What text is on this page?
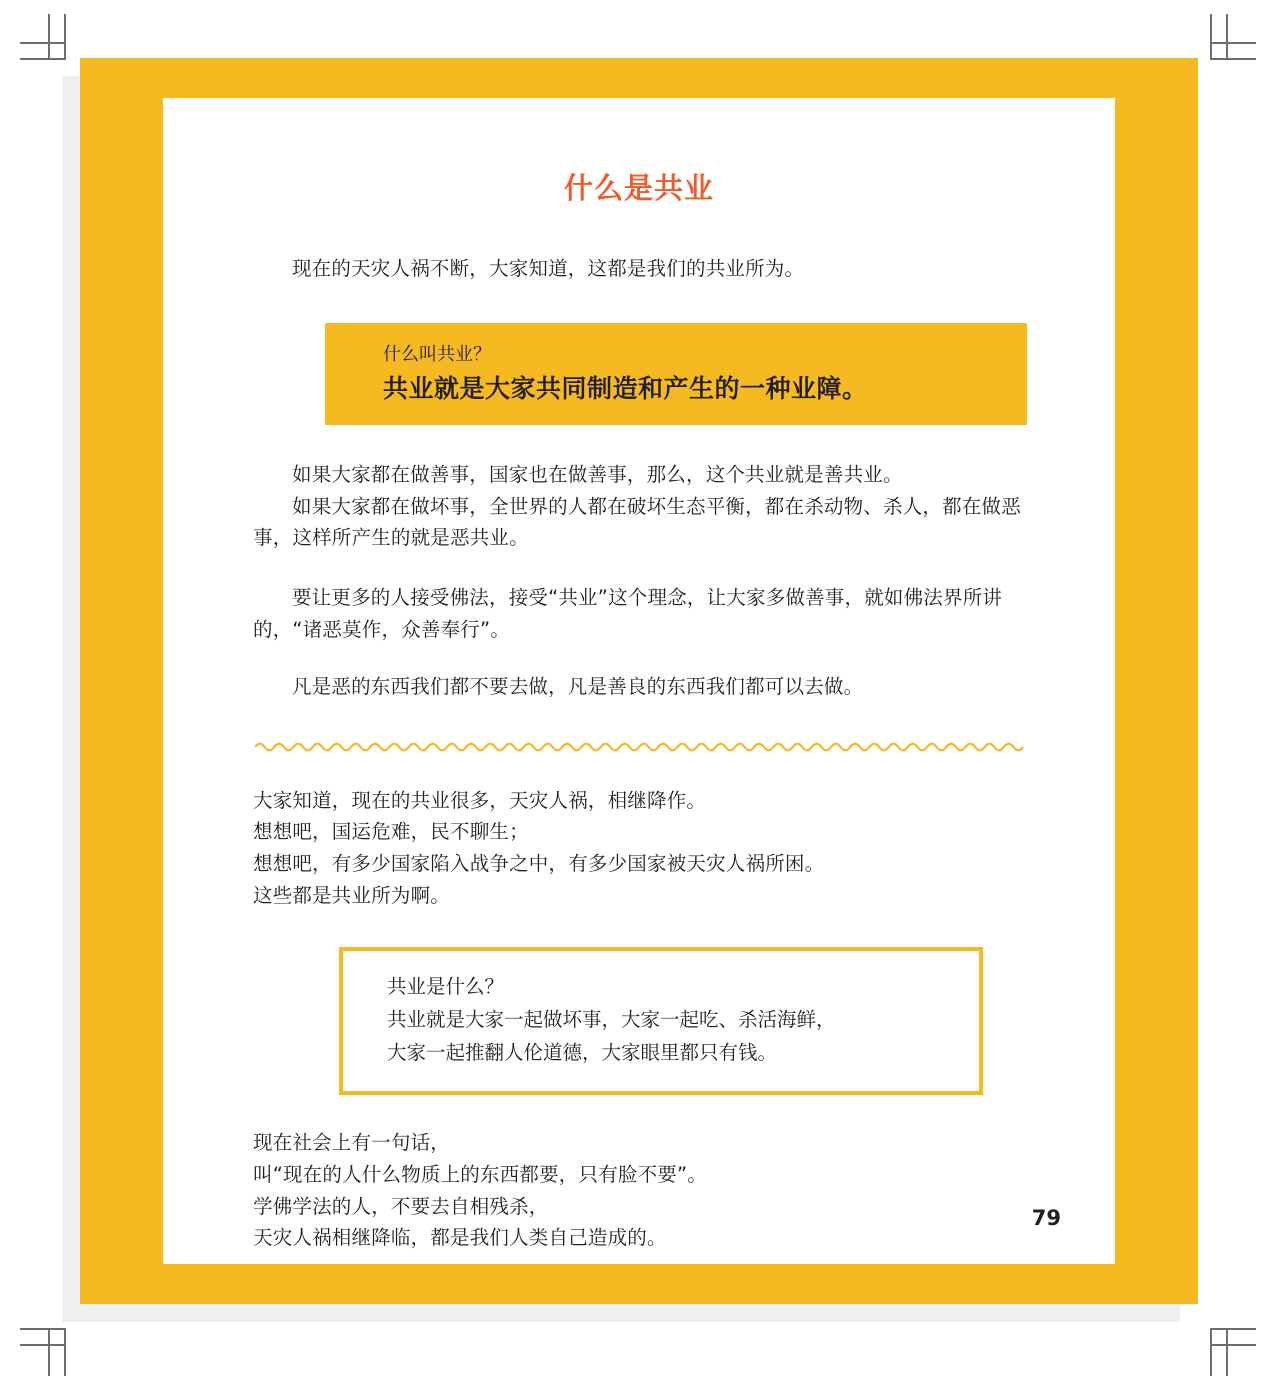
什么是共业

现在的天灾人祸不断，大家知道，这都是我们的共业所为。

什么叫共业？

共业就是大家共同制造和产生的一种业障。

如果大家都在做善事，国家也在做善事，那么，这个共业就是善共业。

如果大家都在做坏事，全世界的人都在破坏生态平衡，都在杀动物、杀人，都在做恶事，这样所产生的就是恶共业。

要让更多的人接受佛法，接受“共业”这个理念，让大家多做善事，就如佛法界所讲的，“诸恶莫作，众善奉行”。

凡是恶的东西我们都不要去做，凡是善良的东西我们都可以去做。

大家知道，现在的共业很多，天灾人祸，相继降作。

想想吧，国运危难，民不聊生；

想想吧，有多少国家陷入战争之中，有多少国家被天灾人祸所困。

这些都是共业所为啊。

共业是什么？

共业就是大家一起做坏事，大家一起吃、杀活海鲜，

大家一起推翻人伦道德，大家眼里都只有钱。

现在社会上有一句话，

叫“现在的人什么物质上的东西都要，只有脸不要”。

学佛学法的人，不要去自相残杀，

天灾人祸相继降临，都是我们人类自己造成的。

79
